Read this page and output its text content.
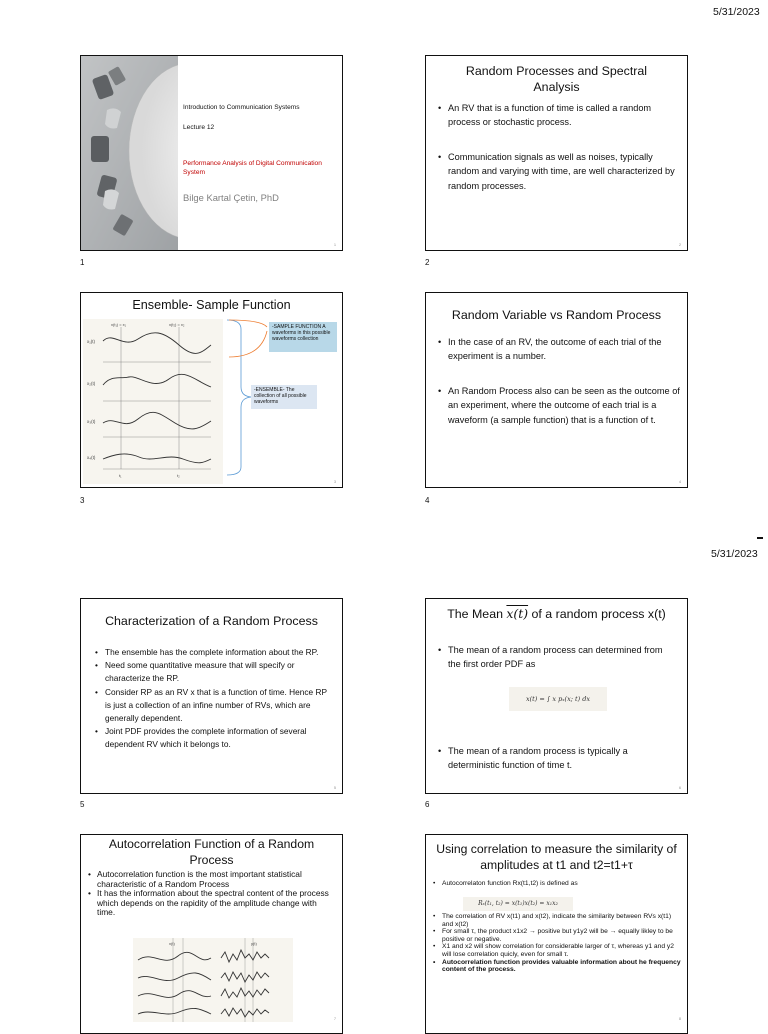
5/31/2023
5/31/2023
1	2
3	4
5	6
Introduction to Communication Systems
Lecture 12
Performance Analysis of Digital Communication System
Bilge Kartal Çetin, PhD
1
Random Processes and Spectral Analysis
• An RV that is a function of time is called a random process or stochastic process.
• Communication signals as well as noises, typically random and varying with time, are well characterized by random processes.
2
Ensemble- Sample Function
x₁(t)
x₂(t)
x₃(t)
x₄(t)
x(t₁) = x₁	x(t₂) = x₂
t₁	t₂
-SAMPLE FUNCTION A waveforms in this possible waveforms collection
-ENSEMBLE- The collection of all possible waveforms
3
Random Variable vs Random Process
• In the case of an RV, the outcome of each trial of the experiment is a number.
• An Random Process also can be seen as the outcome of an experiment, where the outcome of each trial is a waveform (a sample function) that is a function of t.
4
Characterization of a Random Process
• The ensemble has the complete information about the RP.
• Need some quantitative measure that will specify or characterize the RP.
• Consider RP as an RV x that is a function of time. Hence RP is just a collection of an infine number of RVs, which are generally dependent.
• Joint PDF provides the complete information of several dependent RV which it belongs to.
5
The Mean x(t) of a random process x(t)
• The mean of a random process can determined from the first order PDF as
x(t) = ∫ x pₓ(x; t) dx
• The mean of a random process is typically a deterministic function of time t.
6
Autocorrelation Function of a Random Process
• Autocorrelation function is the most important statistical characteristic of a Random Process
• It has the information about the spectral content of the process which depends on the rapidity of the amplitude change with time.
x(t)	y(t)
7
Using correlation to measure the similarity of amplitudes at t1 and t2=t1+τ
• Autocorrelaton function Rx(t1,t2) is defined as
Rₓ(t₁, t₂) = x(t₁)x(t₂) = x₁x₂
• The correlation of RV x(t1) and x(t2), indicate the similarity between RVs x(t1) and x(t2)
• For small τ, the product x1x2 → positive but y1y2 will be → equally likley to be positive or negative.
• X1 and x2 will show correlation for considerable larger of τ, whereas y1 and y2 will lose correlation quicly, even for small τ.
• Autocorrelation function provides valuable information about he frequency content of the process.
8
